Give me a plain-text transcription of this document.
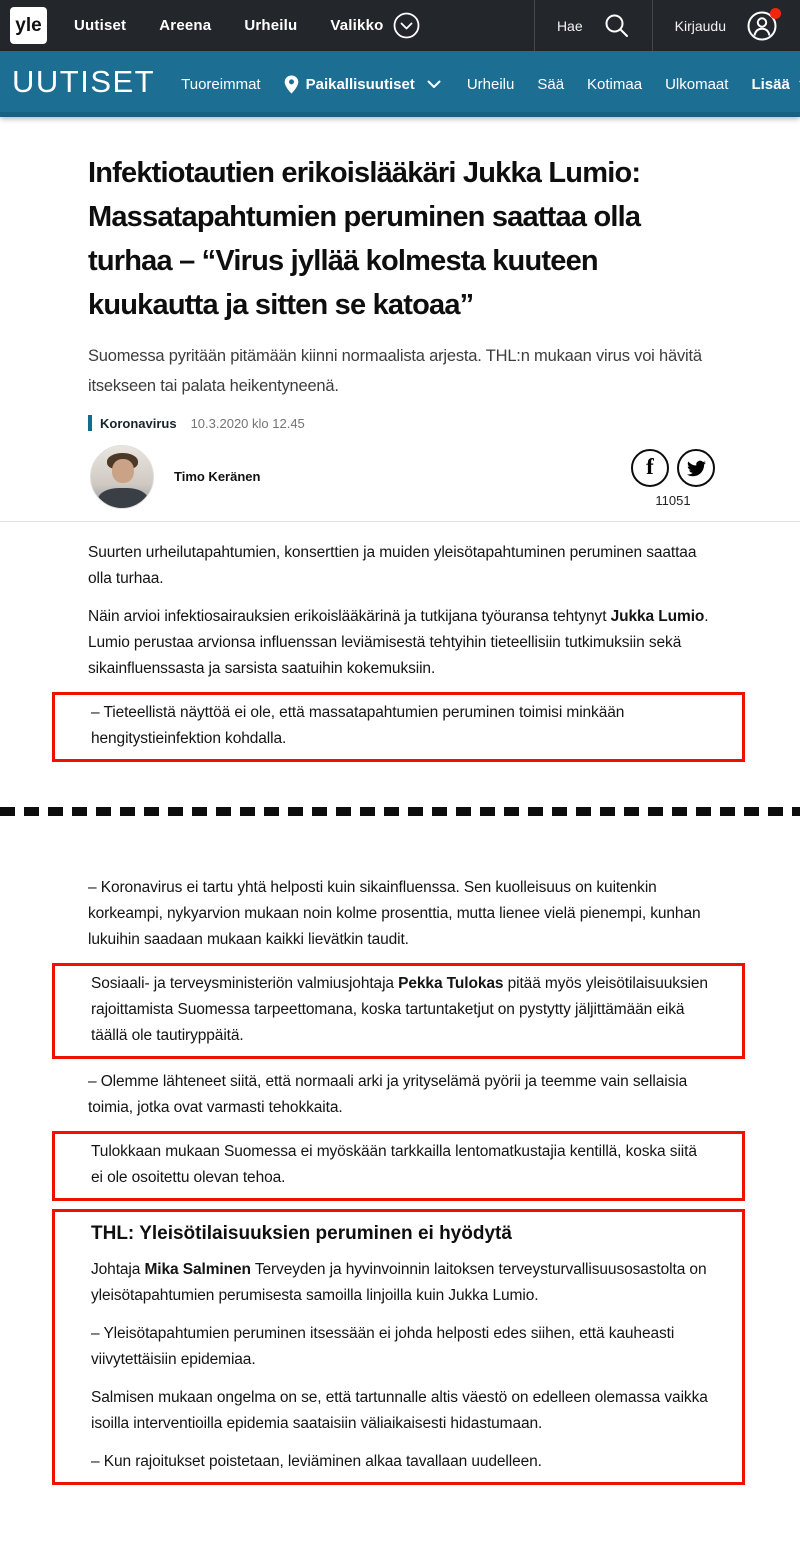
yle	Uutiset Areena Urheilu Valikko	Hae	Kirjaudu
UUTISET Tuoreimmat	Paikallisuutiset	Urheilu Sää Kotimaa Ulkomaat Lisää
Infektiotautien erikoislääkäri Jukka Lumio: Massatapahtumien peruminen saattaa olla turhaa – “Virus jyllää kolmesta kuuteen kuukautta ja sitten se katoaa”

Suomessa pyritään pitämään kiinni normaalista arjesta. THL:n mukaan virus voi hävitä itsekseen tai palata heikentyneenä.

Koronavirus 10.3.2020 klo 12.45
Timo Keränen	f
11051

Suurten urheilutapahtumien, konserttien ja muiden yleisötapahtuminen peruminen saattaa olla turhaa.

Näin arvioi infektiosairauksien erikoislääkärinä ja tutkijana työuransa tehtynyt Jukka Lumio. Lumio perustaa arvionsa influenssan leviämisestä tehtyihin tieteellisiin tutkimuksiin sekä sikainfluenssasta ja sarsista saatuihin kokemuksiin.

– Tieteellistä näyttöä ei ole, että massatapahtumien peruminen toimisi minkään hengitystieinfektion kohdalla.

– Koronavirus ei tartu yhtä helposti kuin sikainfluenssa. Sen kuolleisuus on kuitenkin korkeampi, nykyarvion mukaan noin kolme prosenttia, mutta lienee vielä pienempi, kunhan lukuihin saadaan mukaan kaikki lievätkin taudit.

Sosiaali- ja terveysministeriön valmiusjohtaja Pekka Tulokas pitää myös yleisötilaisuuksien rajoittamista Suomessa tarpeettomana, koska tartuntaketjut on pystytty jäljittämään eikä täällä ole tautiryppäitä.

– Olemme lähteneet siitä, että normaali arki ja yrityselämä pyörii ja teemme vain sellaisia toimia, jotka ovat varmasti tehokkaita.

Tulokkaan mukaan Suomessa ei myöskään tarkkailla lentomatkustajia kentillä, koska siitä ei ole osoitettu olevan tehoa.

THL: Yleisötilaisuuksien peruminen ei hyödytä

Johtaja Mika Salminen Terveyden ja hyvinvoinnin laitoksen terveysturvallisuusosastolta on yleisötapahtumien perumisesta samoilla linjoilla kuin Jukka Lumio.

– Yleisötapahtumien peruminen itsessään ei johda helposti edes siihen, että kauheasti viivytettäisiin epidemiaa.

Salmisen mukaan ongelma on se, että tartunnalle altis väestö on edelleen olemassa vaikka isoilla interventioilla epidemia saataisiin väliaikaisesti hidastumaan.

– Kun rajoitukset poistetaan, leviäminen alkaa tavallaan uudelleen.
